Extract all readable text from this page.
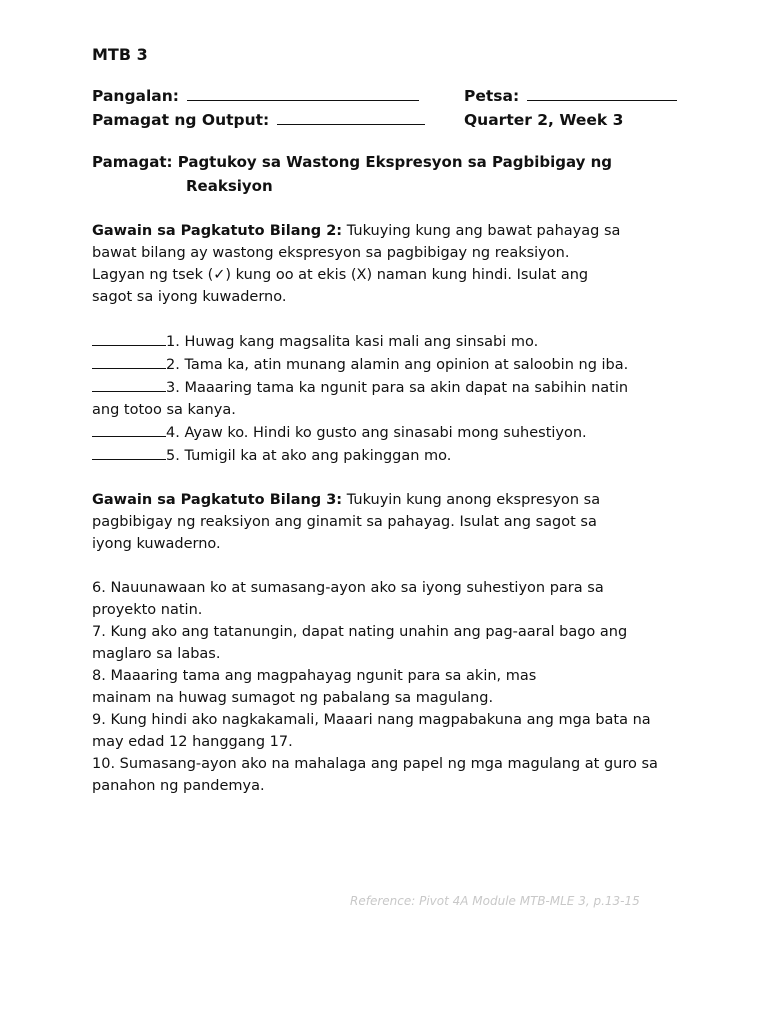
MTB 3
Pangalan:	Petsa:
Pamagat ng Output:	Quarter 2, Week 3
Pamagat: Pagtukoy sa Wastong Ekspresyon sa Pagbibigay ng
Reaksiyon

Gawain sa Pagkatuto Bilang 2: Tukuying kung ang bawat pahayag sa

bawat bilang ay wastong ekspresyon sa pagbibigay ng reaksiyon.

Lagyan ng tsek (✓) kung oo at ekis (X) naman kung hindi. Isulat ang

sagot sa iyong kuwaderno.

1. Huwag kang magsalita kasi mali ang sinsabi mo.

2. Tama ka, atin munang alamin ang opinion at saloobin ng iba.

3. Maaaring tama ka ngunit para sa akin dapat na sabihin natin

ang totoo sa kanya.

4. Ayaw ko. Hindi ko gusto ang sinasabi mong suhestiyon.

5. Tumigil ka at ako ang pakinggan mo.

Gawain sa Pagkatuto Bilang 3: Tukuyin kung anong ekspresyon sa

pagbibigay ng reaksiyon ang ginamit sa pahayag. Isulat ang sagot sa

iyong kuwaderno.

6. Nauunawaan ko at sumasang-ayon ako sa iyong suhestiyon para sa

proyekto natin.

7. Kung ako ang tatanungin, dapat nating unahin ang pag-aaral bago ang

maglaro sa labas.

8. Maaaring tama ang magpahayag ngunit para sa akin, mas

mainam na huwag sumagot ng pabalang sa magulang.

9. Kung hindi ako nagkakamali, Maaari nang magpabakuna ang mga bata na

may edad 12 hanggang 17.

10. Sumasang-ayon ako na mahalaga ang papel ng mga magulang at guro sa

panahon ng pandemya.

Reference: Pivot 4A Module MTB-MLE 3, p.13-15
